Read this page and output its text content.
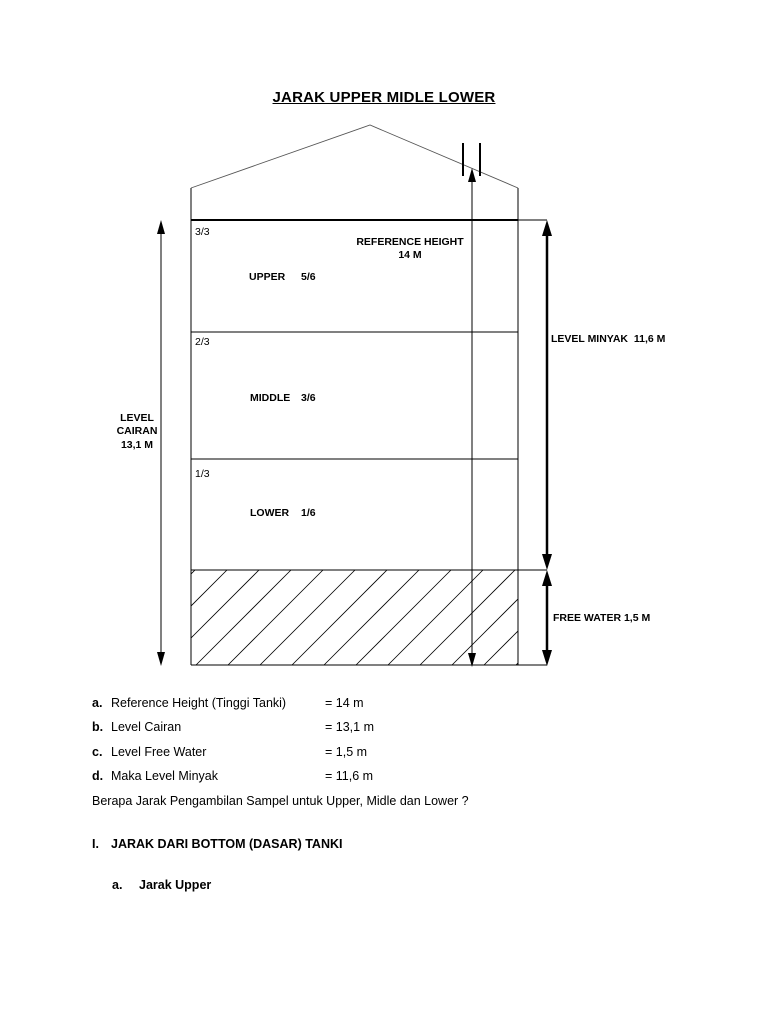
JARAK UPPER MIDLE LOWER
3/3
2/3
1/3
REFERENCE HEIGHT
14 M
UPPER 5/6
MIDDLE 3/6
LOWER 1/6
LEVEL
CAIRAN
13,1 M
LEVEL MINYAK  11,6 M
FREE WATER 1,5 M
a. Reference Height (Tinggi Tanki)	= 14 m
b. Level Cairan	= 13,1 m
c. Level Free Water	= 1,5 m
d. Maka Level Minyak	= 11,6 m
Berapa Jarak Pengambilan Sampel untuk Upper, Midle dan Lower ?
I. JARAK DARI BOTTOM (DASAR) TANKI
a. Jarak Upper
